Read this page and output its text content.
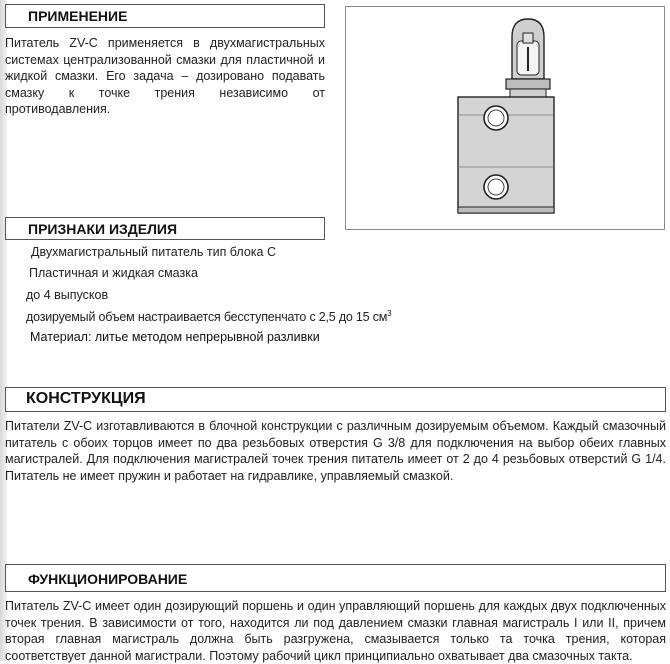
ПРИМЕНЕНИЕ

Питатель ZV-C применяется в двухмагистральных системах централизованной смазки для пластичной и жидкой смазки. Его задача – дозировано подавать смазку к точке трения независимо от противодавления.

ПРИЗНАКИ ИЗДЕЛИЯ
Двухмагистральный питатель тип блока C
Пластичная и жидкая смазка
до 4 выпусков
дозируемый объем настраивается бесступенчато с 2,5 до 15 $см^3$
Материал: литье методом непрерывной разливки
КОНСТРУКЦИЯ

Питатели ZV-C изготавливаются в блочной конструкции с различным дозируемым объемом. Каждый смазочный питатель с обоих торцов имеет по два резьбовых отверстия G 3/8 для подключения на выбор обеих главных магистралей. Для подключения магистралей точек трения питатель имеет от 2 до 4 резьбовых отверстий G 1/4. Питатель не имеет пружин и работает на гидравлике, управляемый смазкой.

ФУНКЦИОНИРОВАНИЕ

Питатель ZV-C имеет один дозирующий поршень и один управляющий поршень для каждых двух подключенных точек трения. В зависимости от того, находится ли под давлением смазки главная магистраль I или II, причем вторая главная магистраль должна быть разгружена, смазывается только та точка трения, которая соответствует данной магистрали. Поэтому рабочий цикл принципиально охватывает два смазочных такта.
